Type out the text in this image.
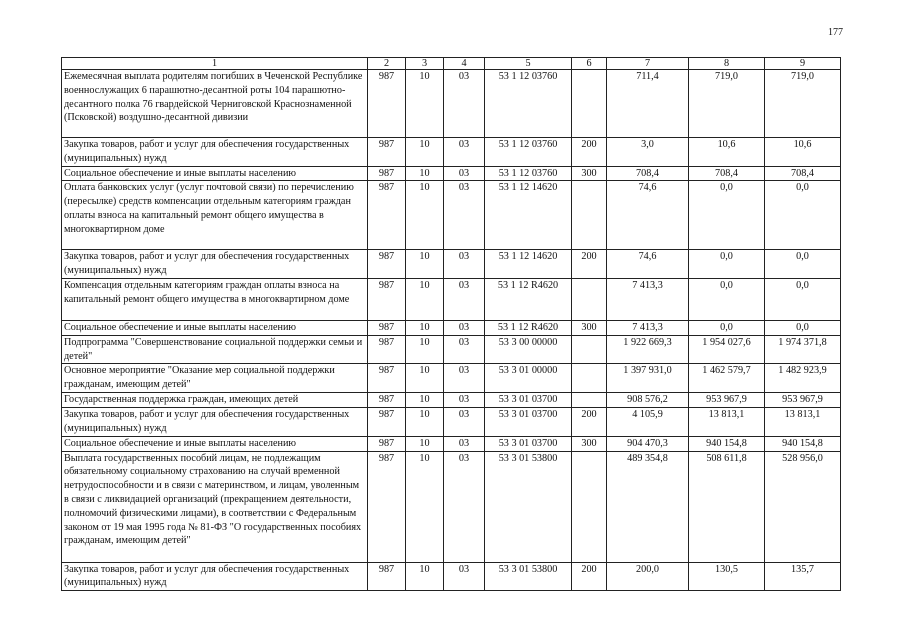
177
1	2	3	4	5	6	7	8	9
Ежемесячная выплата родителям погибших в Чеченской Республике военнослужащих 6 парашютно-десантной роты 104 парашютно-десантного полка 76 гвардейской Черниговской Краснознаменной (Псковской) воздушно-десантной дивизии	987	10	03	53 1 12 03760		711,4	719,0	719,0
Закупка товаров, работ и услуг для обеспечения государственных (муниципальных) нужд	987	10	03	53 1 12 03760	200	3,0	10,6	10,6
Социальное обеспечение и иные выплаты населению	987	10	03	53 1 12 03760	300	708,4	708,4	708,4
Оплата банковских услуг (услуг почтовой связи) по перечислению (пересылке) средств компенсации отдельным категориям граждан оплаты взноса на капитальный ремонт общего имущества в многоквартирном доме	987	10	03	53 1 12 14620		74,6	0,0	0,0
Закупка товаров, работ и услуг для обеспечения государственных (муниципальных) нужд	987	10	03	53 1 12 14620	200	74,6	0,0	0,0
Компенсация отдельным категориям граждан оплаты взноса на капитальный ремонт общего имущества в многоквартирном доме	987	10	03	53 1 12 R4620		7 413,3	0,0	0,0
Социальное обеспечение и иные выплаты населению	987	10	03	53 1 12 R4620	300	7 413,3	0,0	0,0
Подпрограмма "Совершенствование социальной поддержки семьи и детей"	987	10	03	53 3 00 00000		1 922 669,3	1 954 027,6	1 974 371,8
Основное мероприятие "Оказание мер социальной поддержки гражданам, имеющим детей"	987	10	03	53 3 01 00000		1 397 931,0	1 462 579,7	1 482 923,9
Государственная поддержка граждан, имеющих детей	987	10	03	53 3 01 03700		908 576,2	953 967,9	953 967,9
Закупка товаров, работ и услуг для обеспечения государственных (муниципальных) нужд	987	10	03	53 3 01 03700	200	4 105,9	13 813,1	13 813,1
Социальное обеспечение и иные выплаты населению	987	10	03	53 3 01 03700	300	904 470,3	940 154,8	940 154,8
Выплата государственных пособий лицам, не подлежащим обязательному социальному страхованию на случай временной нетрудоспособности и в связи с материнством, и лицам, уволенным в связи с ликвидацией организаций (прекращением деятельности, полномочий физическими лицами), в соответствии с Федеральным законом от 19 мая 1995 года № 81-ФЗ "О государственных пособиях гражданам, имеющим детей"	987	10	03	53 3 01 53800		489 354,8	508 611,8	528 956,0
Закупка товаров, работ и услуг для обеспечения государственных (муниципальных) нужд	987	10	03	53 3 01 53800	200	200,0	130,5	135,7
